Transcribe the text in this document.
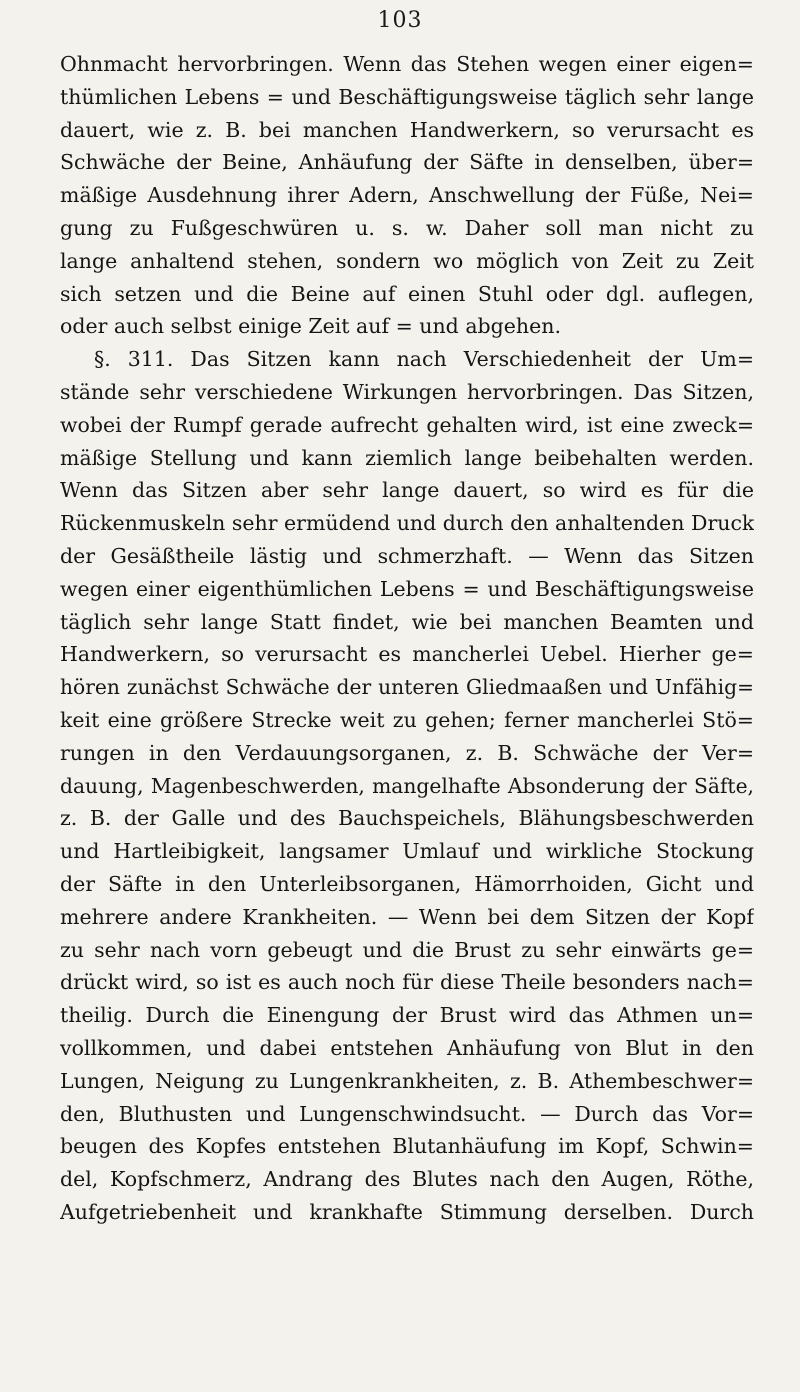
103
Ohnmacht hervorbringen. Wenn das Stehen wegen einer eigen=
thümlichen Lebens = und Beschäftigungsweise täglich sehr lange
dauert, wie z. B. bei manchen Handwerkern, so verursacht es
Schwäche der Beine, Anhäufung der Säfte in denselben, über=
mäßige Ausdehnung ihrer Adern, Anschwellung der Füße, Nei=
gung zu Fußgeschwüren u. s. w. Daher soll man nicht zu
lange anhaltend stehen, sondern wo möglich von Zeit zu Zeit
sich setzen und die Beine auf einen Stuhl oder dgl. auflegen,
oder auch selbst einige Zeit auf = und abgehen.
§. 311. Das Sitzen kann nach Verschiedenheit der Um=
stände sehr verschiedene Wirkungen hervorbringen. Das Sitzen,
wobei der Rumpf gerade aufrecht gehalten wird, ist eine zweck=
mäßige Stellung und kann ziemlich lange beibehalten werden.
Wenn das Sitzen aber sehr lange dauert, so wird es für die
Rückenmuskeln sehr ermüdend und durch den anhaltenden Druck
der Gesäßtheile lästig und schmerzhaft. — Wenn das Sitzen
wegen einer eigenthümlichen Lebens = und Beschäftigungsweise
täglich sehr lange Statt findet, wie bei manchen Beamten und
Handwerkern, so verursacht es mancherlei Uebel. Hierher ge=
hören zunächst Schwäche der unteren Gliedmaaßen und Unfähig=
keit eine größere Strecke weit zu gehen; ferner mancherlei Stö=
rungen in den Verdauungsorganen, z. B. Schwäche der Ver=
dauung, Magenbeschwerden, mangelhafte Absonderung der Säfte,
z. B. der Galle und des Bauchspeichels, Blähungsbeschwerden
und Hartleibigkeit, langsamer Umlauf und wirkliche Stockung
der Säfte in den Unterleibsorganen, Hämorrhoiden, Gicht und
mehrere andere Krankheiten. — Wenn bei dem Sitzen der Kopf
zu sehr nach vorn gebeugt und die Brust zu sehr einwärts ge=
drückt wird, so ist es auch noch für diese Theile besonders nach=
theilig. Durch die Einengung der Brust wird das Athmen un=
vollkommen, und dabei entstehen Anhäufung von Blut in den
Lungen, Neigung zu Lungenkrankheiten, z. B. Athembeschwer=
den, Bluthusten und Lungenschwindsucht. — Durch das Vor=
beugen des Kopfes entstehen Blutanhäufung im Kopf, Schwin=
del, Kopfschmerz, Andrang des Blutes nach den Augen, Röthe,
Aufgetriebenheit und krankhafte Stimmung derselben. Durch
